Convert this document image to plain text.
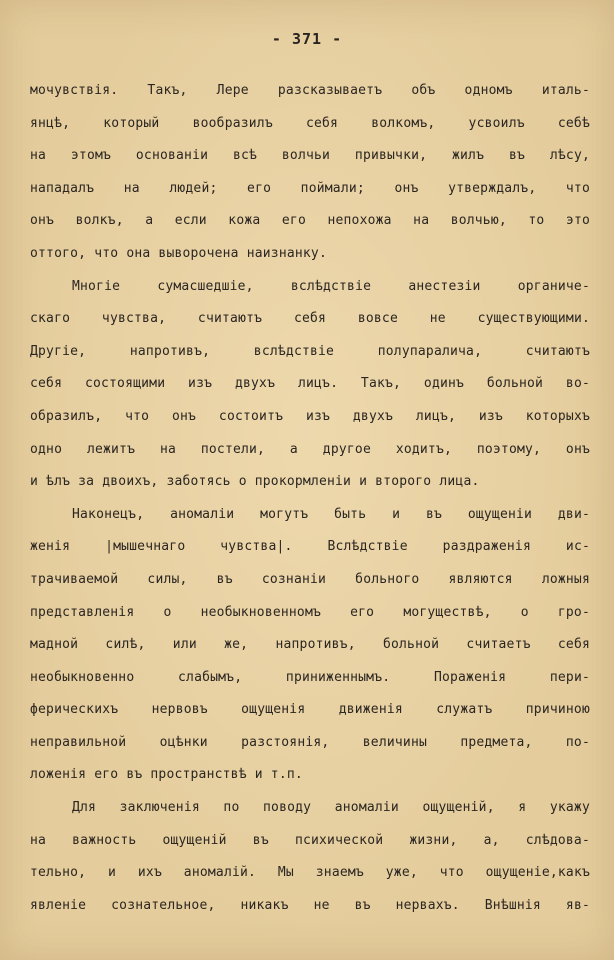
- 371 -
мочувствія. Такъ, Лере разсказываетъ объ одномъ италь-
янцѣ, который вообразилъ себя волкомъ, усвоилъ себѣ
на этомъ основаніи всѣ волчьи привычки, жилъ въ лѣсу,
нападалъ на людей; его поймали; онъ утверждалъ, что
онъ волкъ, а если кожа его непохожа на волчью, то это
оттого, что она выворочена наизнанку.
Многіе сумасшедшіе, вслѣдствіе анестезіи органиче-
скаго чувства, считаютъ себя вовсе не существующими.
Другіе, напротивъ, вслѣдствіе полупаралича, считаютъ
себя состоящими изъ двухъ лицъ. Такъ, одинъ больной во-
образилъ, что онъ состоитъ изъ двухъ лицъ, изъ которыхъ
одно лежитъ на постели, а другое ходитъ, поэтому, онъ
и ѣлъ за двоихъ, заботясь о прокормленіи и второго лица.
Наконецъ, аномаліи могутъ быть и въ ощущеніи дви-
женія |мышечнаго чувства|. Вслѣдствіе раздраженія ис-
трачиваемой силы, въ сознаніи больного являются ложныя
представленія о необыкновенномъ его могуществѣ, о гро-
мадной силѣ, или же, напротивъ, больной считаетъ себя
необыкновенно слабымъ, приниженнымъ. Пораженія пери-
ферическихъ нервовъ ощущенія движенія служатъ причиною
неправильной оцѣнки разстоянія, величины предмета, по-
ложенія его въ пространствѣ и т.п.
Для заключенія по поводу аномаліи ощущеній, я укажу
на важность ощущеній въ психической жизни, а, слѣдова-
тельно, и ихъ аномалій. Мы знаемъ уже, что ощущеніе,какъ
явленіе сознательное, никакъ не въ нервахъ. Внѣшнія яв-
